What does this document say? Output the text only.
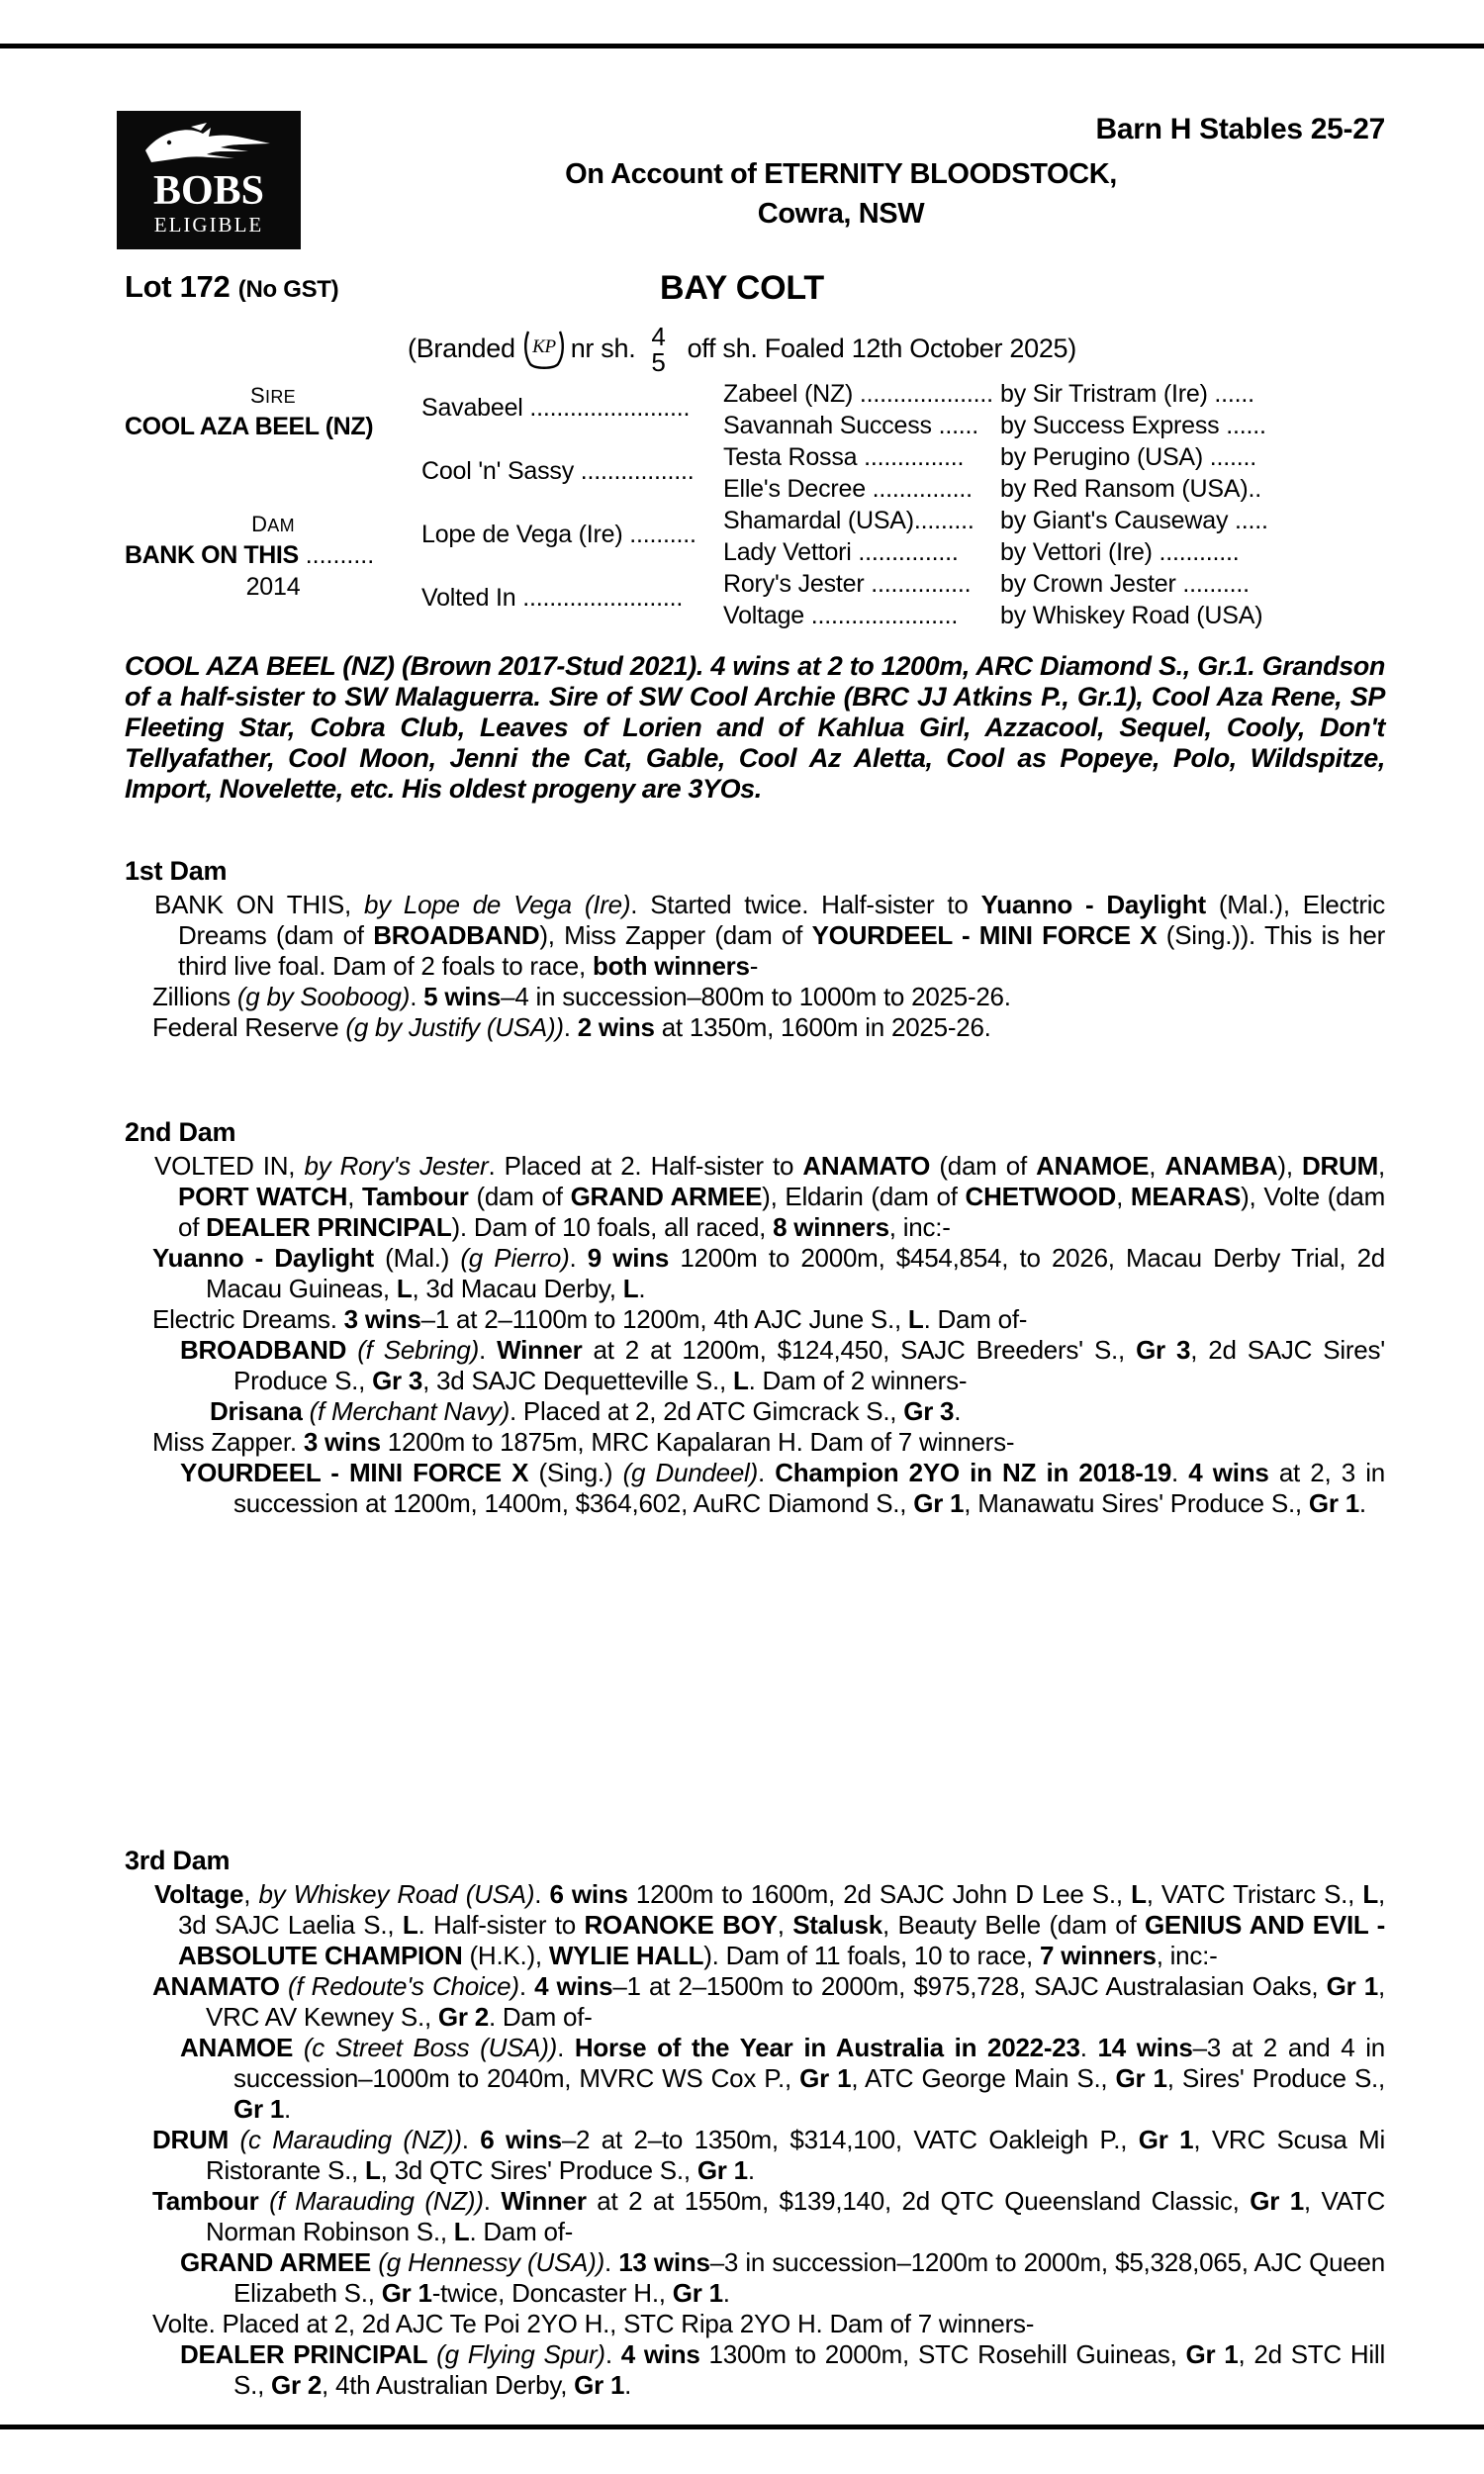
BOBS
ELIGIBLE
Barn H Stables 25-27
On Account of ETERNITY BLOODSTOCK,
Cowra, NSW
Lot 172 (No GST)	BAY COLT
(Branded KP nr sh. 4
5 off sh. Foaled 12th October 2025)
SIRE
COOL AZA BEEL (NZ)
DAM
BANK ON THIS ..........
2014
Savabeel ........................
Cool 'n' Sassy .................
Lope de Vega (Ire) ..........
Volted In ........................
Zabeel (NZ) ....................
Savannah Success ......
Testa Rossa ...............
Elle's Decree ...............
Shamardal (USA).........
Lady Vettori ...............
Rory's Jester ...............
Voltage ......................
by Sir Tristram (Ire) ......
by Success Express ......
by Perugino (USA) .......
by Red Ransom (USA)..
by Giant's Causeway .....
by Vettori (Ire) ............
by Crown Jester ..........
by Whiskey Road (USA)
COOL AZA BEEL (NZ) (Brown 2017-Stud 2021). 4 wins at 2 to 1200m, ARC Diamond S., Gr.1. Grandson of a half-sister to SW Malaguerra. Sire of SW Cool Archie (BRC JJ Atkins P., Gr.1), Cool Aza Rene, SP Fleeting Star, Cobra Club, Leaves of Lorien and of Kahlua Girl, Azzacool, Sequel, Cooly, Don't Tellyafather, Cool Moon, Jenni the Cat, Gable, Cool Az Aletta, Cool as Popeye, Polo, Wildspitze, Import, Novelette, etc. His oldest progeny are 3YOs.
1st Dam

BANK ON THIS, by Lope de Vega (Ire). Started twice. Half-sister to Yuanno - Daylight (Mal.), Electric Dreams (dam of BROADBAND), Miss Zapper (dam of YOURDEEL - MINI FORCE X (Sing.)). This is her third live foal. Dam of 2 foals to race, both winners-

Zillions (g by Sooboog). 5 wins–4 in succession–800m to 1000m to 2025-26.

Federal Reserve (g by Justify (USA)). 2 wins at 1350m, 1600m in 2025-26.

2nd Dam

VOLTED IN, by Rory's Jester. Placed at 2. Half-sister to ANAMATO (dam of ANAMOE, ANAMBA), DRUM, PORT WATCH, Tambour (dam of GRAND ARMEE), Eldarin (dam of CHETWOOD, MEARAS), Volte (dam of DEALER PRINCIPAL). Dam of 10 foals, all raced, 8 winners, inc:-

Yuanno - Daylight (Mal.) (g Pierro). 9 wins 1200m to 2000m, $454,854, to 2026, Macau Derby Trial, 2d Macau Guineas, L, 3d Macau Derby, L.

Electric Dreams. 3 wins–1 at 2–1100m to 1200m, 4th AJC June S., L. Dam of-

BROADBAND (f Sebring). Winner at 2 at 1200m, $124,450, SAJC Breeders' S., Gr 3, 2d SAJC Sires' Produce S., Gr 3, 3d SAJC Dequetteville S., L. Dam of 2 winners-

Drisana (f Merchant Navy). Placed at 2, 2d ATC Gimcrack S., Gr 3.

Miss Zapper. 3 wins 1200m to 1875m, MRC Kapalaran H. Dam of 7 winners-

YOURDEEL - MINI FORCE X (Sing.) (g Dundeel). Champion 2YO in NZ in 2018-19. 4 wins at 2, 3 in succession at 1200m, 1400m, $364,602, AuRC Diamond S., Gr 1, Manawatu Sires' Produce S., Gr 1.

3rd Dam

Voltage, by Whiskey Road (USA). 6 wins 1200m to 1600m, 2d SAJC John D Lee S., L, VATC Tristarc S., L, 3d SAJC Laelia S., L. Half-sister to ROANOKE BOY, Stalusk, Beauty Belle (dam of GENIUS AND EVIL - ABSOLUTE CHAMPION (H.K.), WYLIE HALL). Dam of 11 foals, 10 to race, 7 winners, inc:-

ANAMATO (f Redoute's Choice). 4 wins–1 at 2–1500m to 2000m, $975,728, SAJC Australasian Oaks, Gr 1, VRC AV Kewney S., Gr 2. Dam of-

ANAMOE (c Street Boss (USA)). Horse of the Year in Australia in 2022-23. 14 wins–3 at 2 and 4 in succession–1000m to 2040m, MVRC WS Cox P., Gr 1, ATC George Main S., Gr 1, Sires' Produce S., Gr 1.

DRUM (c Marauding (NZ)). 6 wins–2 at 2–to 1350m, $314,100, VATC Oakleigh P., Gr 1, VRC Scusa Mi Ristorante S., L, 3d QTC Sires' Produce S., Gr 1.

Tambour (f Marauding (NZ)). Winner at 2 at 1550m, $139,140, 2d QTC Queensland Classic, Gr 1, VATC Norman Robinson S., L. Dam of-

GRAND ARMEE (g Hennessy (USA)). 13 wins–3 in succession–1200m to 2000m, $5,328,065, AJC Queen Elizabeth S., Gr 1-twice, Doncaster H., Gr 1.

Volte. Placed at 2, 2d AJC Te Poi 2YO H., STC Ripa 2YO H. Dam of 7 winners-

DEALER PRINCIPAL (g Flying Spur). 4 wins 1300m to 2000m, STC Rosehill Guineas, Gr 1, 2d STC Hill S., Gr 2, 4th Australian Derby, Gr 1.
